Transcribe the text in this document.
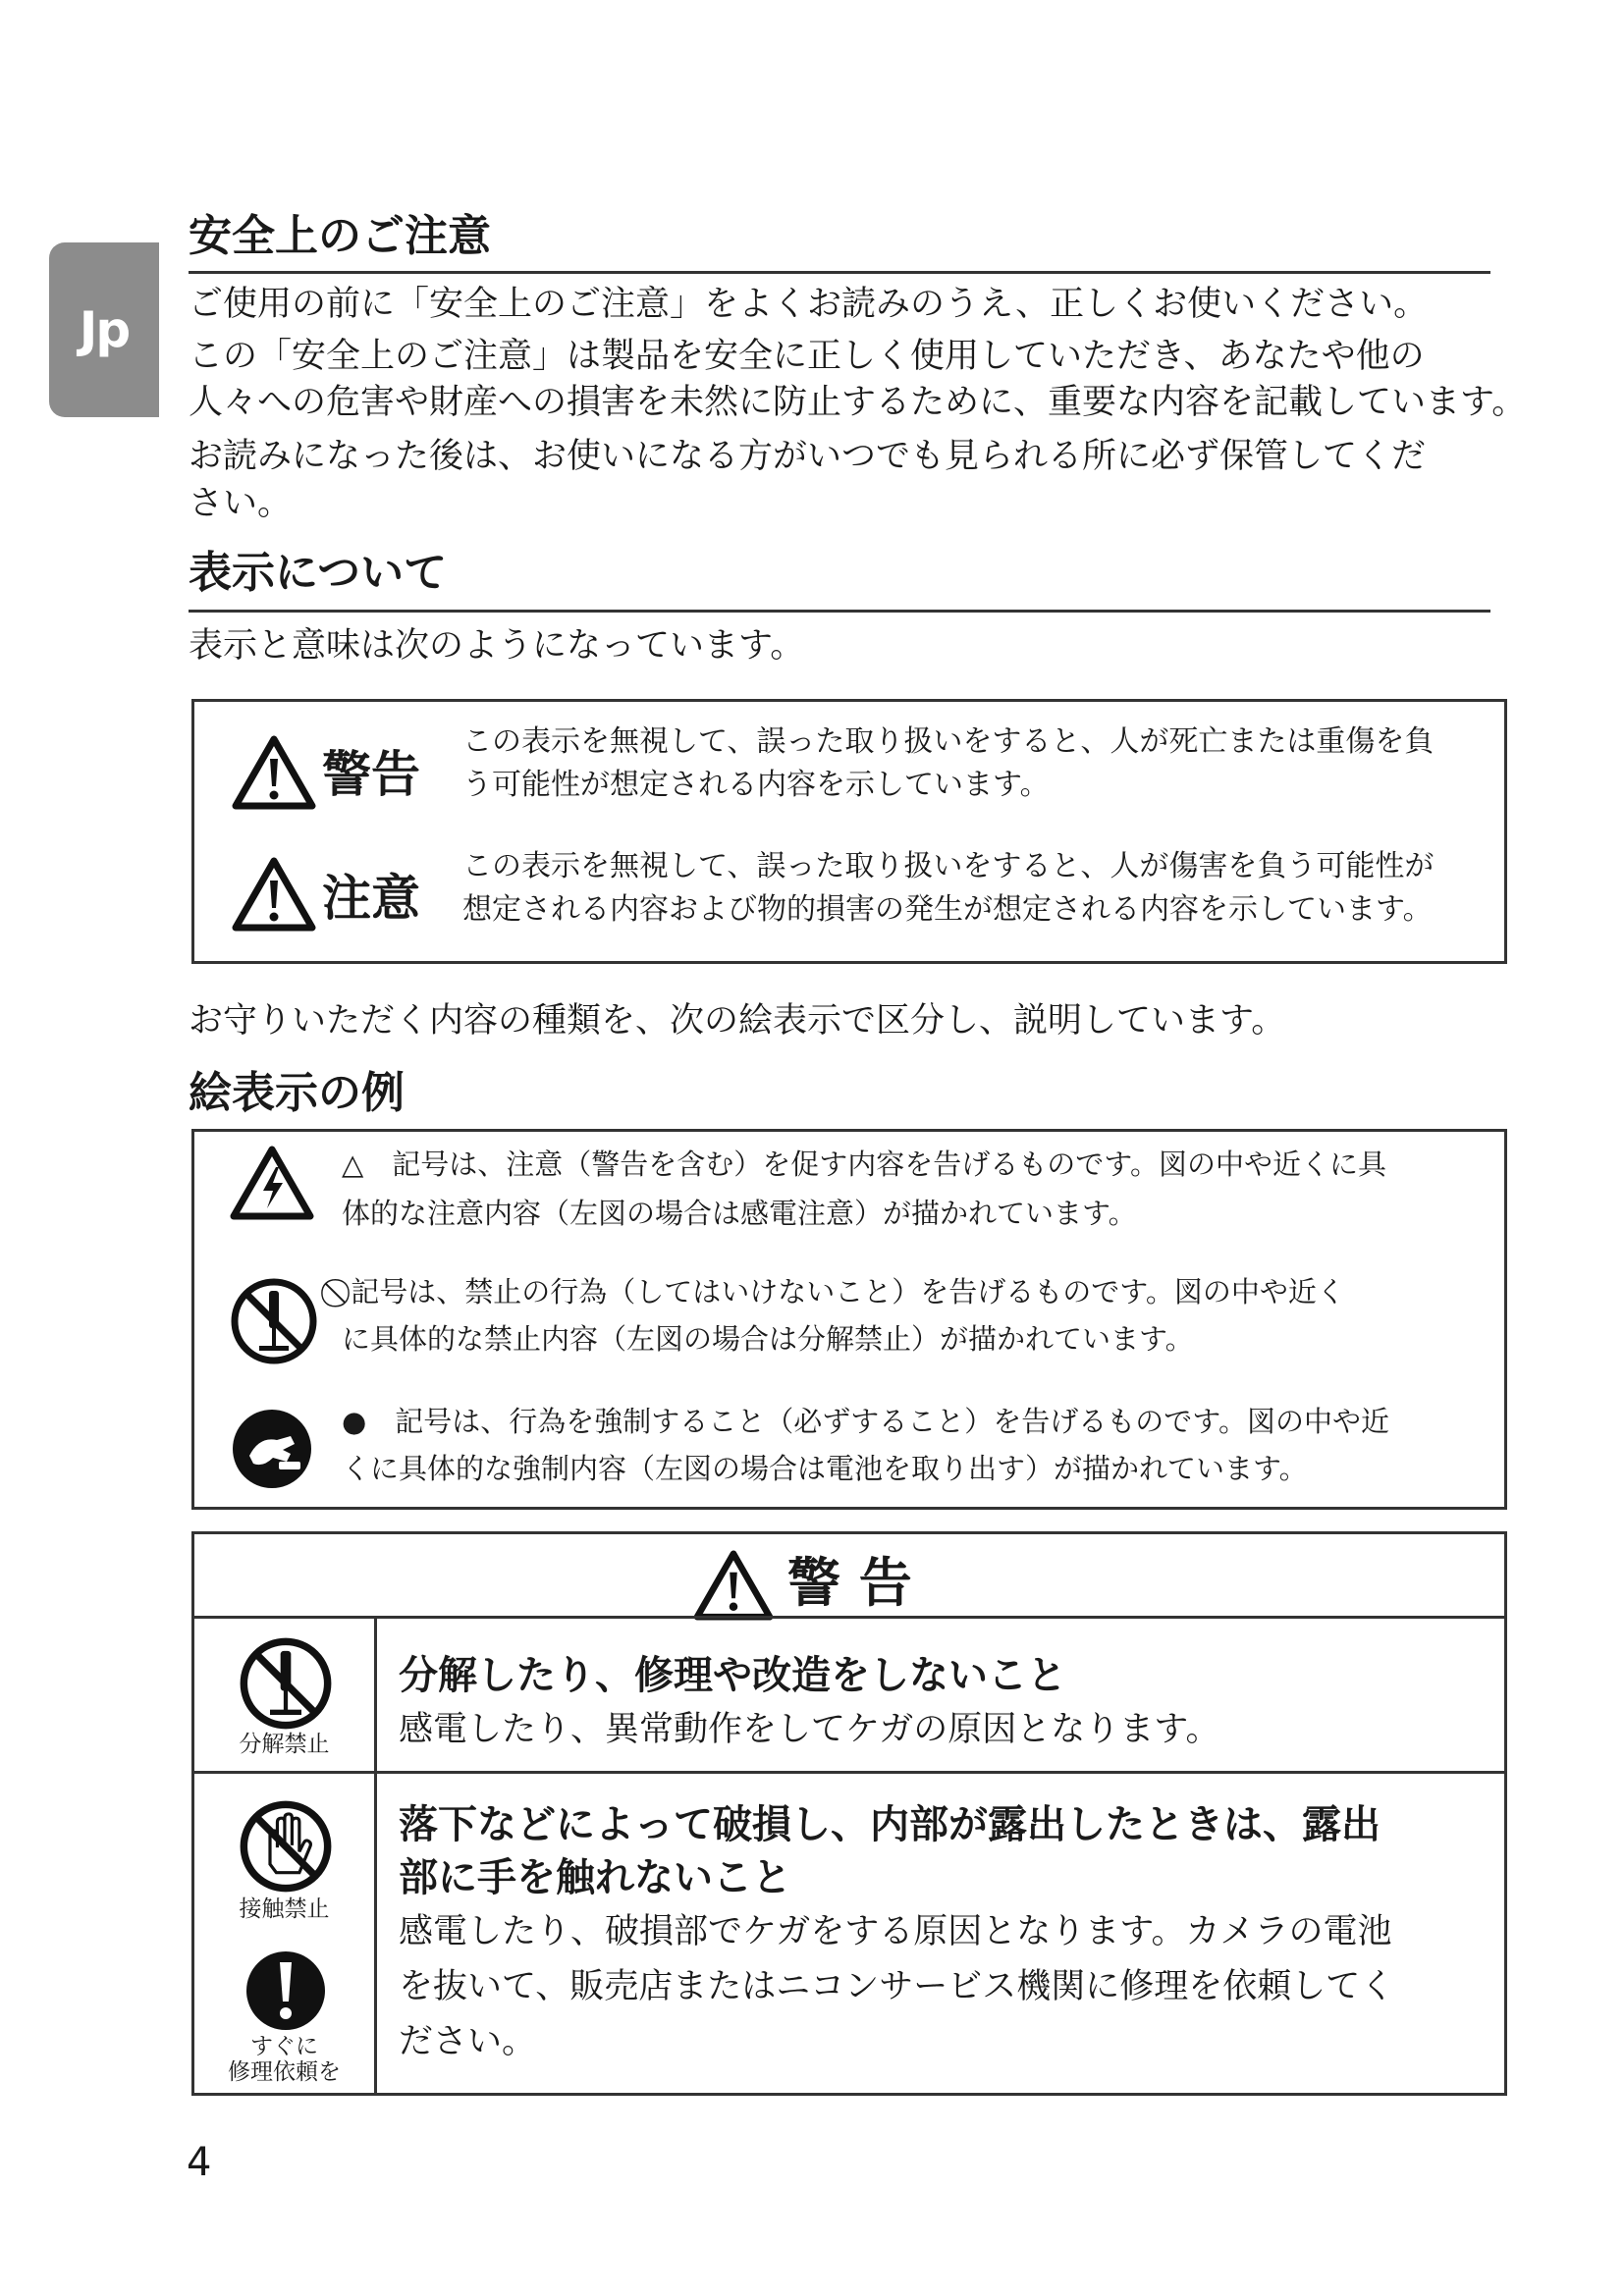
Jp
安全上のご注意
ご使用の前に「安全上のご注意」をよくお読みのうえ、正しくお使いください。
この「安全上のご注意」は製品を安全に正しく使用していただき、あなたや他の
人々への危害や財産への損害を未然に防止するために、重要な内容を記載しています。
お読みになった後は、お使いになる方がいつでも見られる所に必ず保管してくだ
さい。
表示について
表示と意味は次のようになっています。
警告
この表示を無視して、誤った取り扱いをすると、人が死亡または重傷を負
う可能性が想定される内容を示しています。
注意
この表示を無視して、誤った取り扱いをすると、人が傷害を負う可能性が
想定される内容および物的損害の発生が想定される内容を示しています。
お守りいただく内容の種類を、次の絵表示で区分し、説明しています。
絵表示の例
△　記号は、注意（警告を含む）を促す内容を告げるものです。図の中や近くに具
体的な注意内容（左図の場合は感電注意）が描かれています。
⃠ 記号は、禁止の行為（してはいけないこと）を告げるものです。図の中や近く
に具体的な禁止内容（左図の場合は分解禁止）が描かれています。
●　記号は、行為を強制すること（必ずすること）を告げるものです。図の中や近
くに具体的な強制内容（左図の場合は電池を取り出す）が描かれています。
警 告
分解禁止
分解したり、修理や改造をしないこと
感電したり、異常動作をしてケガの原因となります。
接触禁止
すぐに
修理依頼を
落下などによって破損し、内部が露出したときは、露出
部に手を触れないこと
感電したり、破損部でケガをする原因となります。カメラの電池
を抜いて、販売店またはニコンサービス機関に修理を依頼してく
ださい。
4
